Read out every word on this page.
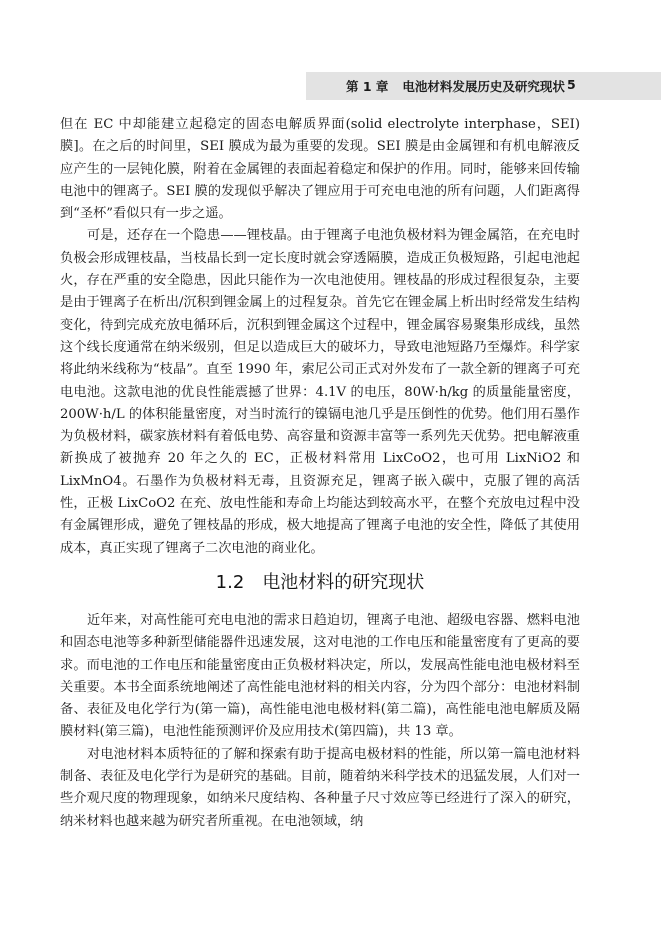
第 1 章 电池材料发展历史及研究现状 5

但在 EC 中却能建立起稳定的固态电解质界面(solid electrolyte interphase，SEI)膜]。在之后的时间里，SEI 膜成为最为重要的发现。SEI 膜是由金属锂和有机电解液反应产生的一层钝化膜，附着在金属锂的表面起着稳定和保护的作用。同时，能够来回传输电池中的锂离子。SEI 膜的发现似乎解决了锂应用于可充电电池的所有问题，人们距离得到“圣杯”看似只有一步之遥。

可是，还存在一个隐患——锂枝晶。由于锂离子电池负极材料为锂金属箔，在充电时负极会形成锂枝晶，当枝晶长到一定长度时就会穿透隔膜，造成正负极短路，引起电池起火，存在严重的安全隐患，因此只能作为一次电池使用。锂枝晶的形成过程很复杂，主要是由于锂离子在析出/沉积到锂金属上的过程复杂。首先它在锂金属上析出时经常发生结构变化，待到完成充放电循环后，沉积到锂金属这个过程中，锂金属容易聚集形成线，虽然这个线长度通常在纳米级别，但足以造成巨大的破坏力，导致电池短路乃至爆炸。科学家将此纳米线称为“枝晶”。直至 1990 年，索尼公司正式对外发布了一款全新的锂离子可充电电池。这款电池的优良性能震撼了世界：4.1V 的电压，80W·h/kg 的质量能量密度，200W·h/L 的体积能量密度，对当时流行的镍镉电池几乎是压倒性的优势。他们用石墨作为负极材料，碳家族材料有着低电势、高容量和资源丰富等一系列先天优势。把电解液重新换成了被抛弃 20 年之久的 EC，正极材料常用 LixCoO2，也可用 LixNiO2 和 LixMnO4。石墨作为负极材料无毒，且资源充足，锂离子嵌入碳中，克服了锂的高活性，正极 LixCoO2 在充、放电性能和寿命上均能达到较高水平，在整个充放电过程中没有金属锂形成，避免了锂枝晶的形成，极大地提高了锂离子电池的安全性，降低了其使用成本，真正实现了锂离子二次电池的商业化。

1.2 电池材料的研究现状

近年来，对高性能可充电电池的需求日趋迫切，锂离子电池、超级电容器、燃料电池和固态电池等多种新型储能器件迅速发展，这对电池的工作电压和能量密度有了更高的要求。而电池的工作电压和能量密度由正负极材料决定，所以，发展高性能电池电极材料至关重要。本书全面系统地阐述了高性能电池材料的相关内容，分为四个部分：电池材料制备、表征及电化学行为(第一篇)，高性能电池电极材料(第二篇)，高性能电池电解质及隔膜材料(第三篇)，电池性能预测评价及应用技术(第四篇)，共 13 章。

对电池材料本质特征的了解和探索有助于提高电极材料的性能，所以第一篇电池材料制备、表征及电化学行为是研究的基础。目前，随着纳米科学技术的迅猛发展，人们对一些介观尺度的物理现象，如纳米尺度结构、各种量子尺寸效应等已经进行了深入的研究，纳米材料也越来越为研究者所重视。在电池领域，纳
